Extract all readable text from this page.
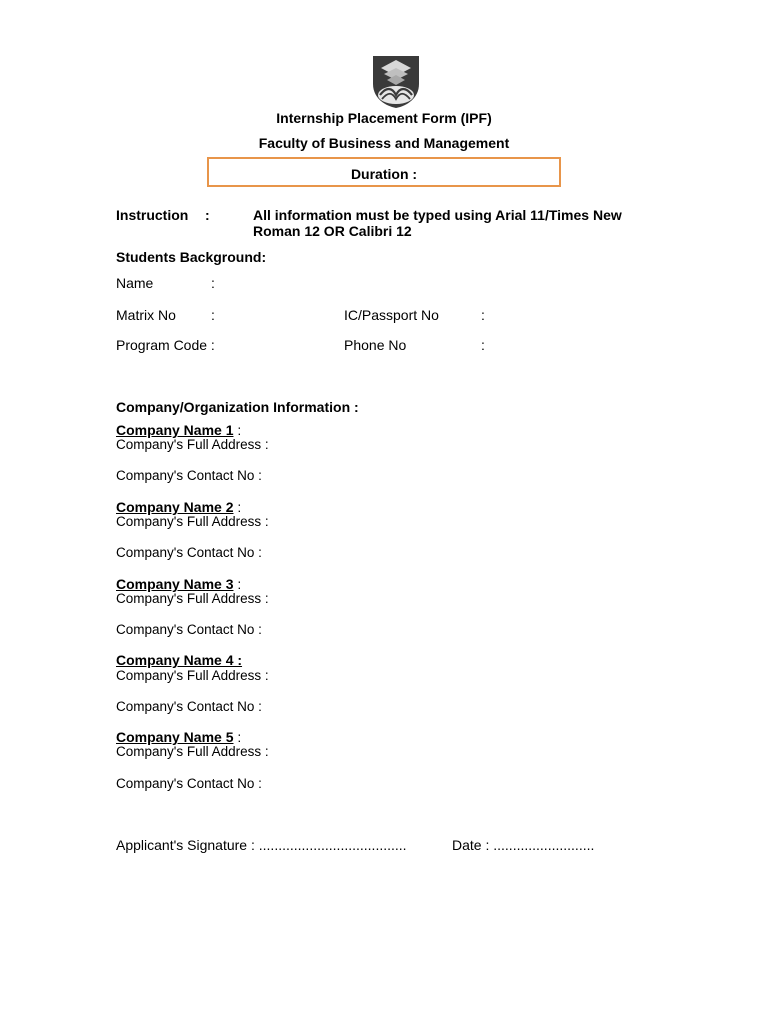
Internship Placement Form (IPF)
Faculty of Business and Management
Duration :
Instruction :	All information must be typed using Arial 11/Times New Roman 12 OR Calibri 12
Students Background:
Name	:
Matrix No	:	IC/Passport No	:
Program Code :	Phone No	:
Company/Organization Information :
Company Name 1 :
Company's Full Address :
Company's Contact No :
Company Name 2 :
Company's Full Address :
Company's Contact No :
Company Name 3 :
Company's Full Address :
Company's Contact No :
Company Name 4 :
Company's Full Address :
Company's Contact No :
Company Name 5 :
Company's Full Address :
Company's Contact No :
Applicant's Signature : ......................................	Date : ..........................
